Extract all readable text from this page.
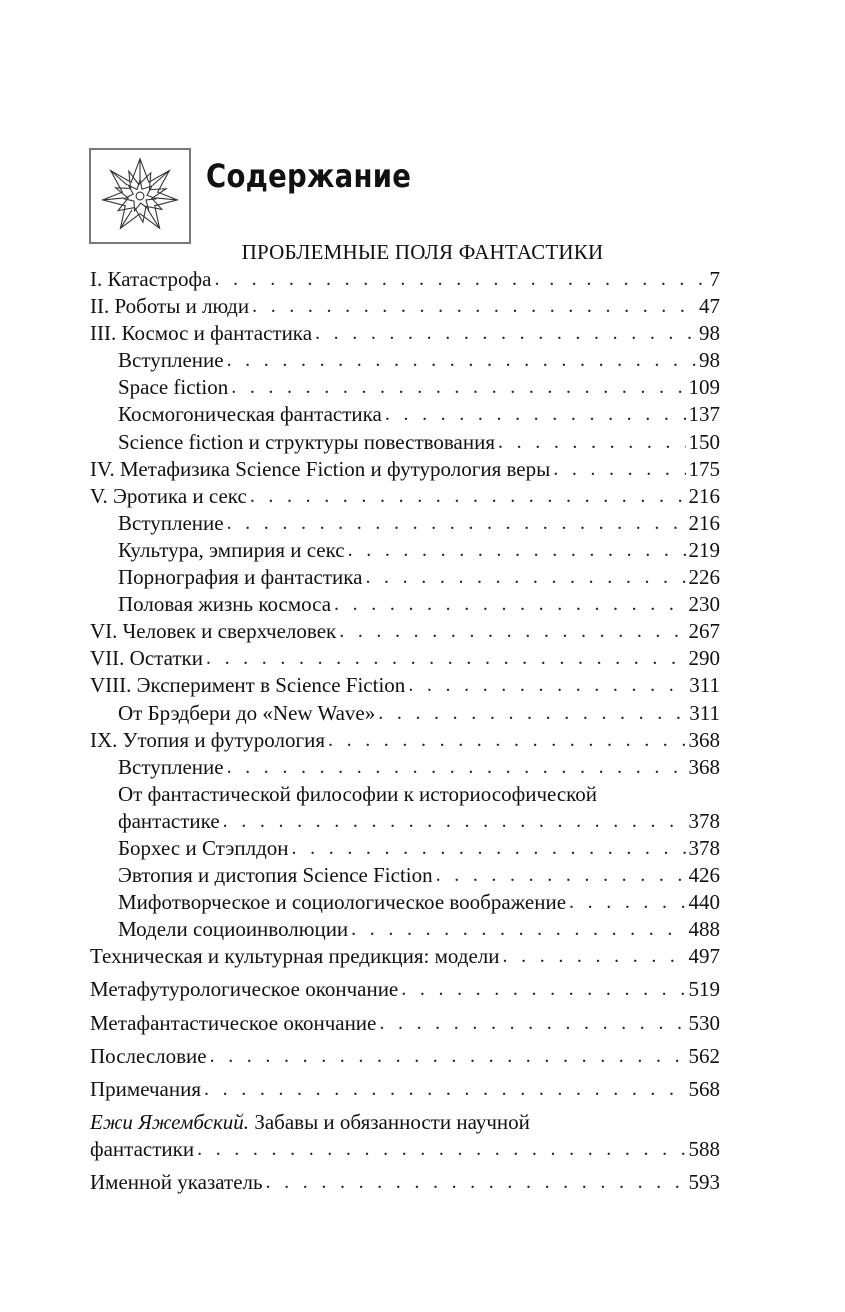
Содержание
ПРОБЛЕМНЫЕ ПОЛЯ ФАНТАСТИКИ
I. Катастрофа . . .	7
II. Роботы и люди . . .	47
III. Космос и фантастика . . .	98
Вступление . . .	98
Space fiction . . .	109
Космогоническая фантастика . . .	137
Science fiction и структуры повествования . . .	150
IV. Метафизика Science Fiction и футурология веры . . .	175
V. Эротика и секс . . .	216
Вступление . . .	216
Культура, эмпирия и секс . . .	219
Порнография и фантастика . . .	226
Половая жизнь космоса . . .	230
VI. Человек и сверхчеловек . . .	267
VII. Остатки . . .	290
VIII. Эксперимент в Science Fiction . . .	311
От Брэдбери до «New Wave» . . .	311
IX. Утопия и футурология . . .	368
Вступление . . .	368
От фантастической философии к историософической
фантастике . . .	378
Борхес и Стэплдон . . .	378
Эвтопия и дистопия Science Fiction . . .	426
Мифотворческое и социологическое воображение . . .	440
Модели социоинволюции . . .	488
Техническая и культурная предикция: модели . . .	497
Метафутурологическое окончание . . .	519
Метафантастическое окончание . . .	530
Послесловие . . .	562
Примечания . . .	568
Ежи Яжембский. Забавы и обязанности научной
фантастики . . .	588
Именной указатель . . .	593
